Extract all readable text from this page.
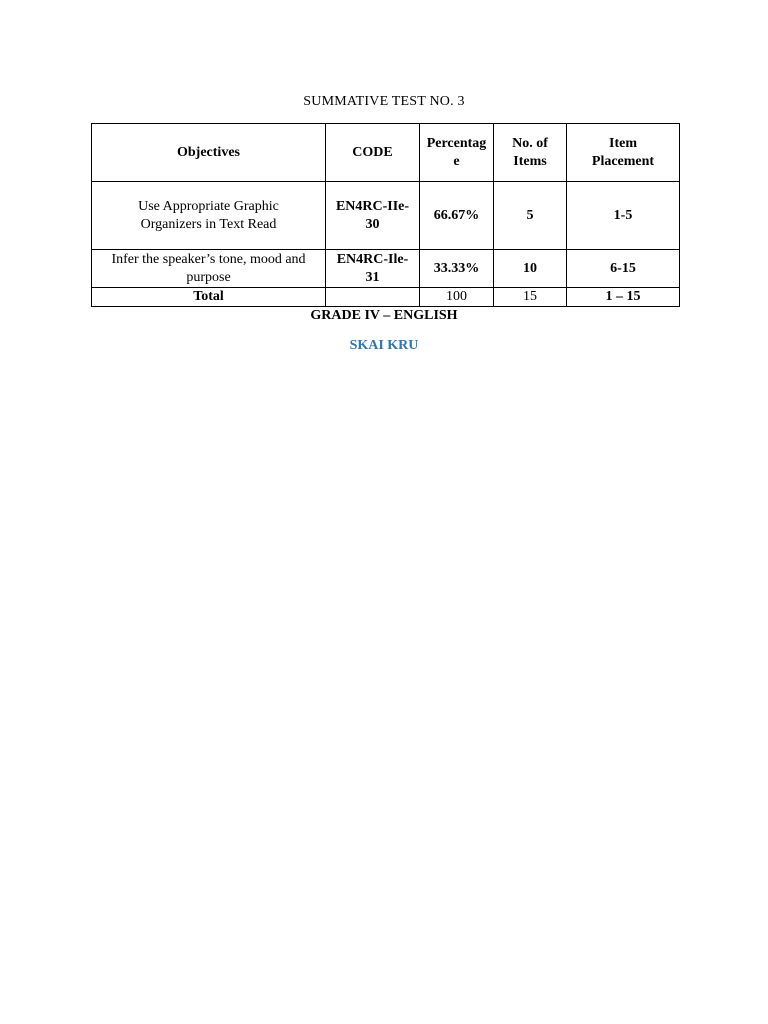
SUMMATIVE TEST NO. 3
Objectives	CODE	Percentage	No. of Items	Item Placement
Use Appropriate Graphic Organizers in Text Read	EN4RC-IIe-30	66.67%	5	1-5
Infer the speaker’s tone, mood and purpose	EN4RC-Ile-31	33.33%	10	6-15
Total		100	15	1 – 15
GRADE IV – ENGLISH
SKAI KRU
